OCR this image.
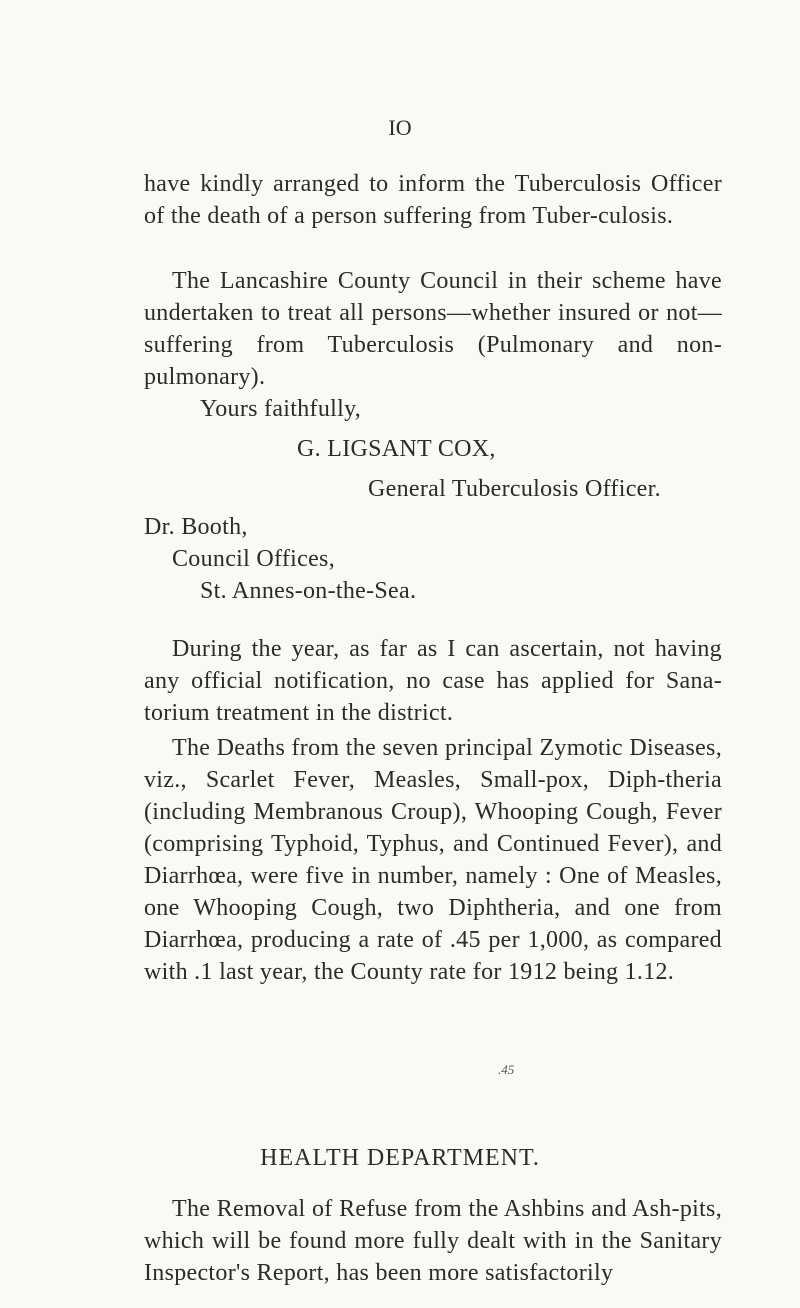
IO

have kindly arranged to inform the Tuberculosis Officer of the death of a person suffering from Tuber-culosis.

The Lancashire County Council in their scheme have undertaken to treat all persons—whether insured or not—suffering from Tuberculosis (Pulmonary and non-pulmonary).

Yours faithfully,
G. LIGSANT COX,
General Tuberculosis Officer.
Dr. Booth,
Council Offices,
St. Annes-on-the-Sea.

During the year, as far as I can ascertain, not having any official notification, no case has applied for Sana-torium treatment in the district.

The Deaths from the seven principal Zymotic Diseases, viz., Scarlet Fever, Measles, Small-pox, Diph-theria (including Membranous Croup), Whooping Cough, Fever (comprising Typhoid, Typhus, and Continued Fever), and Diarrhœa, were five in number, namely : One of Measles, one Whooping Cough, two Diphtheria, and one from Diarrhœa, producing a rate of .45 per 1,000, as compared with .1 last year, the County rate for 1912 being 1.12.

.45
HEALTH DEPARTMENT.

The Removal of Refuse from the Ashbins and Ash-pits, which will be found more fully dealt with in the Sanitary Inspector's Report, has been more satisfactorily
